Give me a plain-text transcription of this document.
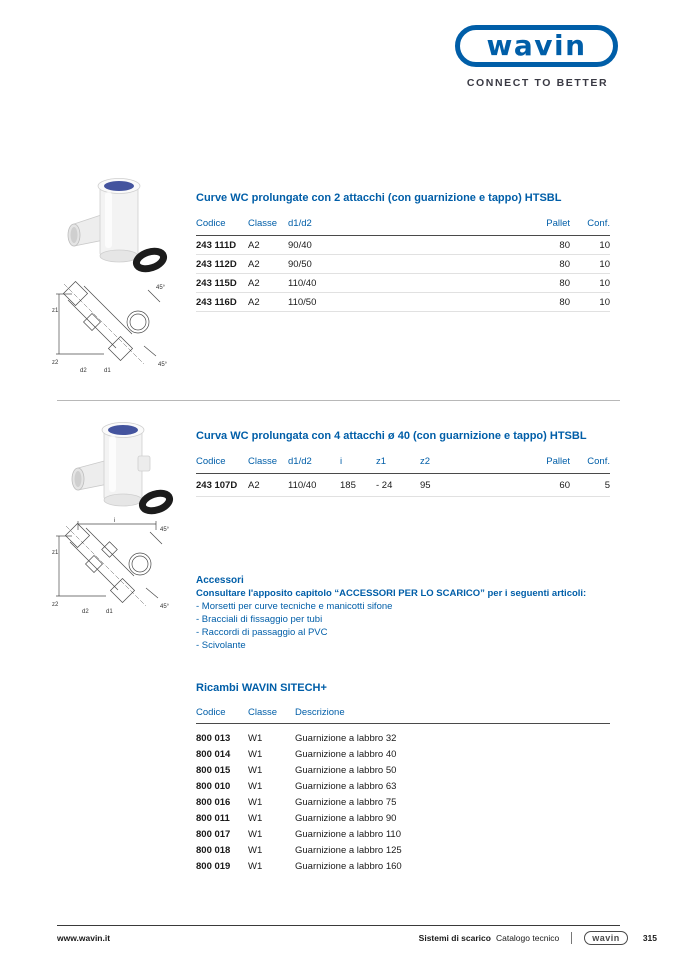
wavin
CONNECT TO BETTER
z1
z2
d2	d1
45°
45°
Curve WC prolungate con 2 attacchi (con guarnizione e tappo) HTSBL
Codice	Classe	d1/d2	Pallet	Conf.
243 111D	A2	90/40	80	10
243 112D	A2	90/50	80	10
243 115D	A2	110/40	80	10
243 116D	A2	110/50	80	10
i
z1
z2
d2	d1
45°
45°
Curva WC prolungata con 4 attacchi ø 40 (con guarnizione e tappo) HTSBL
Codice	Classe	d1/d2	i	z1	z2	Pallet	Conf.
243 107D	A2	110/40	185	- 24	95	60	5
Accessori
Consultare l'apposito capitolo “ACCESSORI PER LO SCARICO” per i seguenti articoli:
- Morsetti per curve tecniche e manicotti sifone
- Bracciali di fissaggio per tubi
- Raccordi di passaggio al PVC
- Scivolante
Ricambi WAVIN SITECH+
Codice	Classe	Descrizione
800 013	W1	Guarnizione a labbro 32
800 014	W1	Guarnizione a labbro 40
800 015	W1	Guarnizione a labbro 50
800 010	W1	Guarnizione a labbro 63
800 016	W1	Guarnizione a labbro 75
800 011	W1	Guarnizione a labbro 90
800 017	W1	Guarnizione a labbro 110
800 018	W1	Guarnizione a labbro 125
800 019	W1	Guarnizione a labbro 160
www.wavin.it	Sistemi di scarico Catalogo tecnico	wavin	315
